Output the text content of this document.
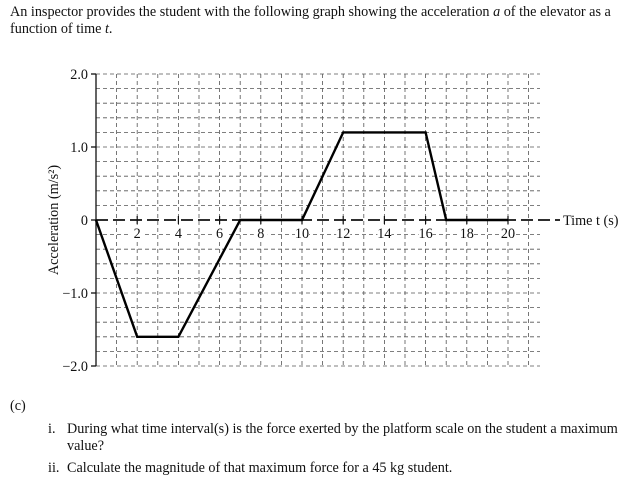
An inspector provides the student with the following graph showing the acceleration a of the elevator as a function of time t.

−2.0
−1.0
0
1.0
2.0
2 4 6 8 10 12 14 16 18 20
Acceleration (m/s²)	Time t (s)

(c)

i. During what time interval(s) is the force exerted by the platform scale on the student a maximum
value?

ii. Calculate the magnitude of that maximum force for a 45 kg student.
